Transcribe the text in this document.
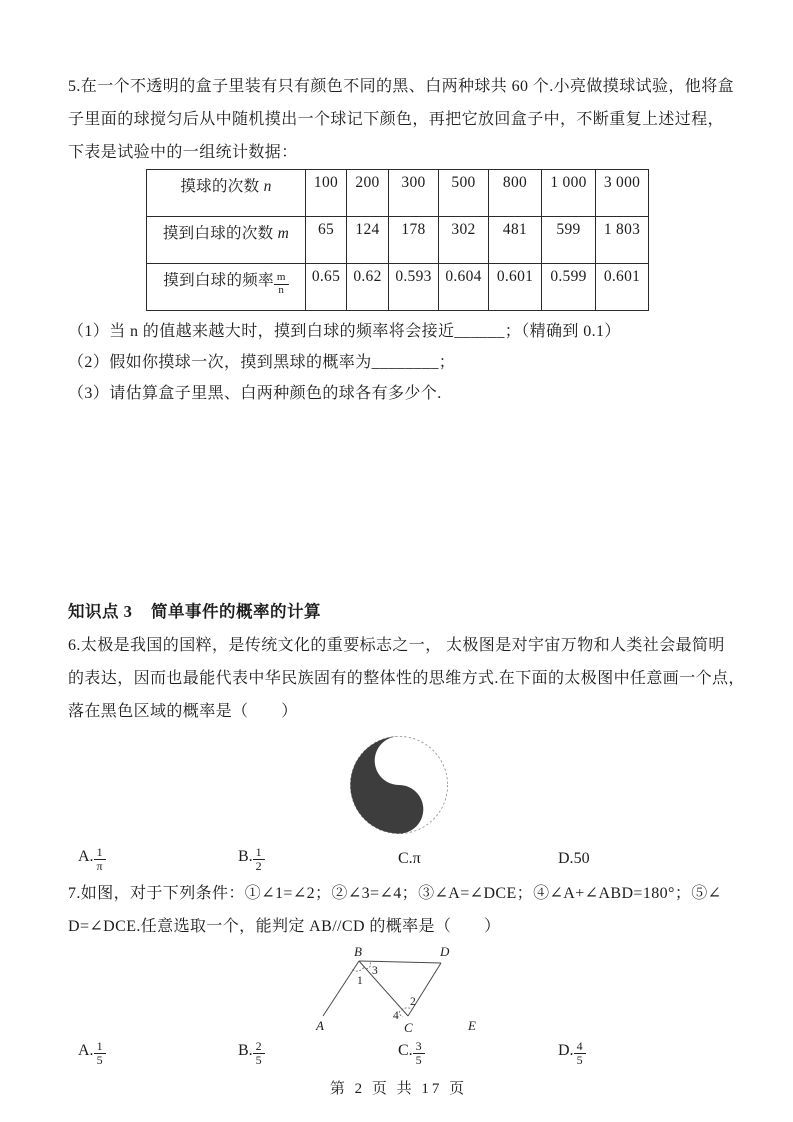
5.在一个不透明的盒子里装有只有颜色不同的黑、白两种球共 60 个.小亮做摸球试验，他将盒
子里面的球搅匀后从中随机摸出一个球记下颜色，再把它放回盒子中，不断重复上述过程，
下表是试验中的一组统计数据：
摸球的次数 n	100	200	300	500	800	1 000	3 000
摸到白球的次数 m	65	124	178	302	481	599	1 803
摸到白球的频率 $\frac{m}{n}$	0.65	0.62	0.593	0.604	0.601	0.599	0.601
（1）当 n 的值越来越大时，摸到白球的频率将会接近______；（精确到 0.1）
（2）假如你摸球一次，摸到黑球的概率为________；
（3）请估算盒子里黑、白两种颜色的球各有多少个.
知识点 3 简单事件的概率的计算
6.太极是我国的国粹，是传统文化的重要标志之一， 太极图是对宇宙万物和人类社会最简明
的表达，因而也最能代表中华民族固有的整体性的思维方式.在下面的太极图中任意画一个点，
落在黑色区域的概率是（　　）
A. $\frac{1}{\pi}$	B. $\frac{1}{2}$	C.π	D.50
7.如图，对于下列条件：①∠1=∠2；②∠3=∠4；③∠A=∠DCE；④∠A+∠ABD=180°；⑤∠
D=∠DCE.任意选取一个，能判定 AB//CD 的概率是（　　）
A
B
C
D
E
1
3
2
4
A. $\frac{1}{5}$	B. $\frac{2}{5}$	C. $\frac{3}{5}$	D. $\frac{4}{5}$
第 2 页 共 17 页
